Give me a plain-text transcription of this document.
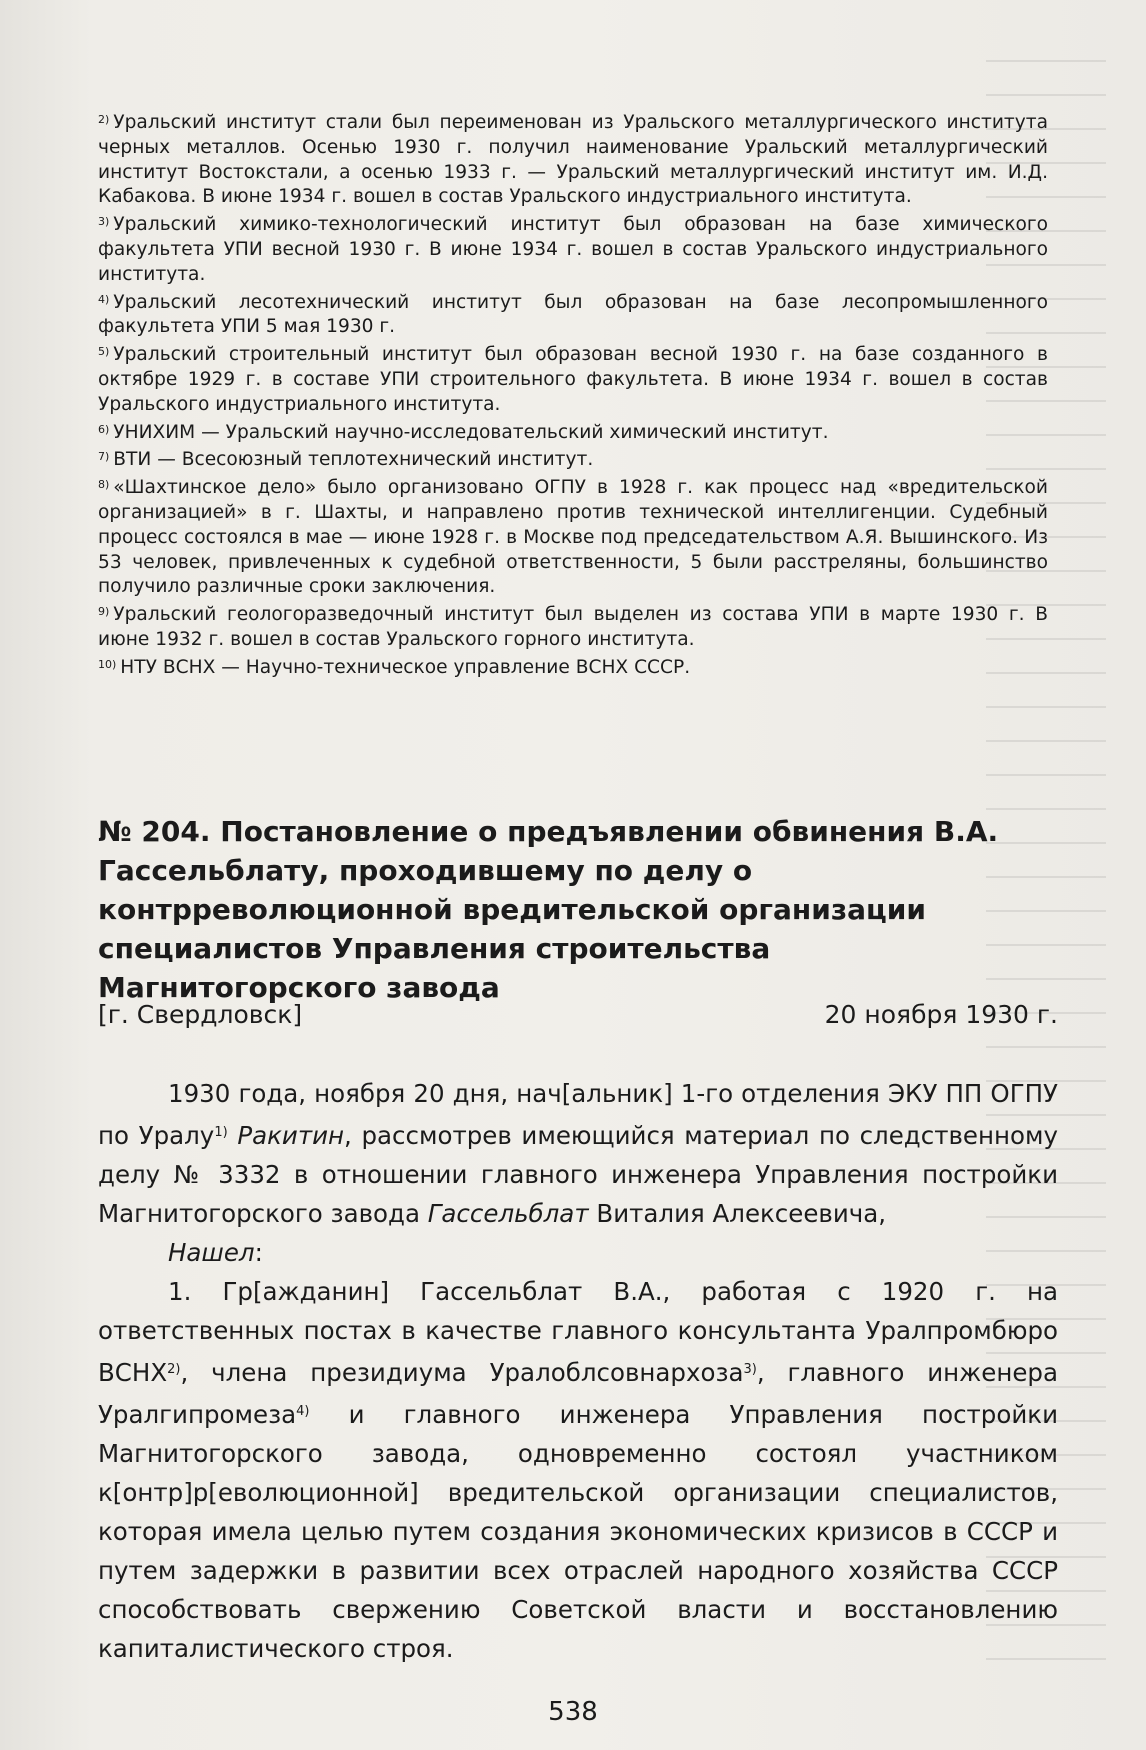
$^{2)}$ Уральский институт стали был переименован из Уральского металлургического института черных металлов. Осенью 1930 г. получил наименование Уральский металлургический институт Востокстали, а осенью 1933 г. — Уральский металлургический институт им. И.Д. Кабакова. В июне 1934 г. вошел в состав Уральского индустриального института.

$^{3)}$ Уральский химико-технологический институт был образован на базе химического факультета УПИ весной 1930 г. В июне 1934 г. вошел в состав Уральского индустриального института.

$^{4)}$ Уральский лесотехнический институт был образован на базе лесопромышленного факультета УПИ 5 мая 1930 г.

$^{5)}$ Уральский строительный институт был образован весной 1930 г. на базе созданного в октябре 1929 г. в составе УПИ строительного факультета. В июне 1934 г. вошел в состав Уральского индустриального института.

$^{6)}$ УНИХИМ — Уральский научно-исследовательский химический институт.

$^{7)}$ ВТИ — Всесоюзный теплотехнический институт.

$^{8)}$ «Шахтинское дело» было организовано ОГПУ в 1928 г. как процесс над «вредительской организацией» в г. Шахты, и направлено против технической интеллигенции. Судебный процесс состоялся в мае — июне 1928 г. в Москве под председательством А.Я. Вышинского. Из 53 человек, привлеченных к судебной ответственности, 5 были расстреляны, большинство получило различные сроки заключения.

$^{9)}$ Уральский геологоразведочный институт был выделен из состава УПИ в марте 1930 г. В июне 1932 г. вошел в состав Уральского горного института.

$^{10)}$ НТУ ВСНХ — Научно-техническое управление ВСНХ СССР.

№ 204. Постановление о предъявлении обвинения В.А. Гассельблату, проходившему по делу о контрреволюционной вредительской организации специалистов Управления строительства Магнитогорского завода
[г. Свердловск]	20 ноября 1930 г.

1930 года, ноября 20 дня, нач[альник] 1-го отделения ЭКУ ПП ОГПУ по Уралу$^{1)}$ Ракитин, рассмотрев имеющийся материал по следственному делу № 3332 в отношении главного инженера Управления постройки Магнитогорского завода Гассельблат Виталия Алексеевича,

Нашел:

1. Гр[ажданин] Гассельблат В.А., работая с 1920 г. на ответственных постах в качестве главного консультанта Уралпромбюро ВСНХ$^{2)}$, члена президиума Уралоблсовнархоза$^{3)}$, главного инженера Уралгипромеза$^{4)}$ и главного инженера Управления постройки Магнитогорского завода, одновременно состоял участником к[онтр]р[еволюционной] вредительской организации специалистов, которая имела целью путем создания экономических кризисов в СССР и путем задержки в развитии всех отраслей народного хозяйства СССР способствовать свержению Советской власти и восстановлению капиталистического строя.

538
